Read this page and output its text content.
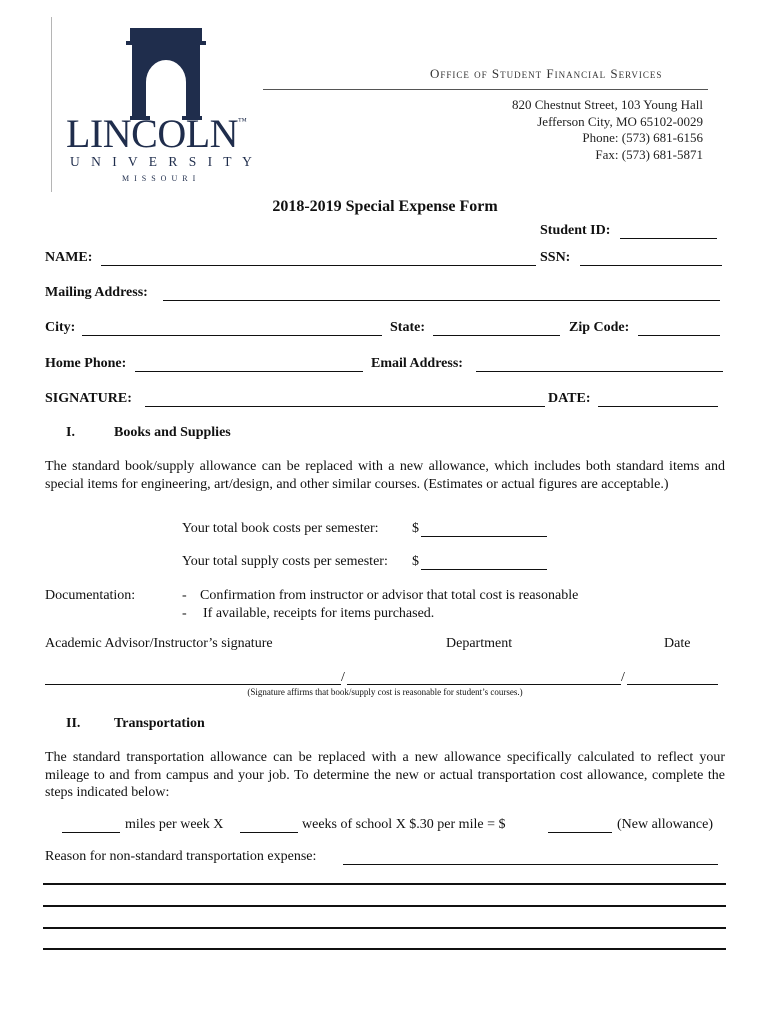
LINCOLN™
U N I V E R S I T Y
M I S S O U R I
Office of Student Financial Services
820 Chestnut Street, 103 Young Hall
Jefferson City, MO 65102-0029
Phone: (573) 681-6156
Fax: (573) 681-5871
2018-2019 Special Expense Form
Student ID:
NAME:	SSN:
Mailing Address:
City:	State:	Zip Code:
Home Phone:	Email Address:
SIGNATURE:	DATE:
I.	Books and Supplies
The standard book/supply allowance can be replaced with a new allowance, which includes both standard items and special items for engineering, art/design, and other similar courses. (Estimates or actual figures are acceptable.)
Your total book costs per semester: $
Your total supply costs per semester: $
Documentation:	- Confirmation from instructor or advisor that total cost is reasonable
- If available, receipts for items purchased.
Academic Advisor/Instructor’s signature	Department	Date
/	/
(Signature affirms that book/supply cost is reasonable for student’s courses.)
II. Transportation
The standard transportation allowance can be replaced with a new allowance specifically calculated to reflect your mileage to and from campus and your job. To determine the new or actual transportation cost allowance, complete the steps indicated below:
miles per week X	weeks of school X $.30 per mile = $	(New allowance)
Reason for non-standard transportation expense:
